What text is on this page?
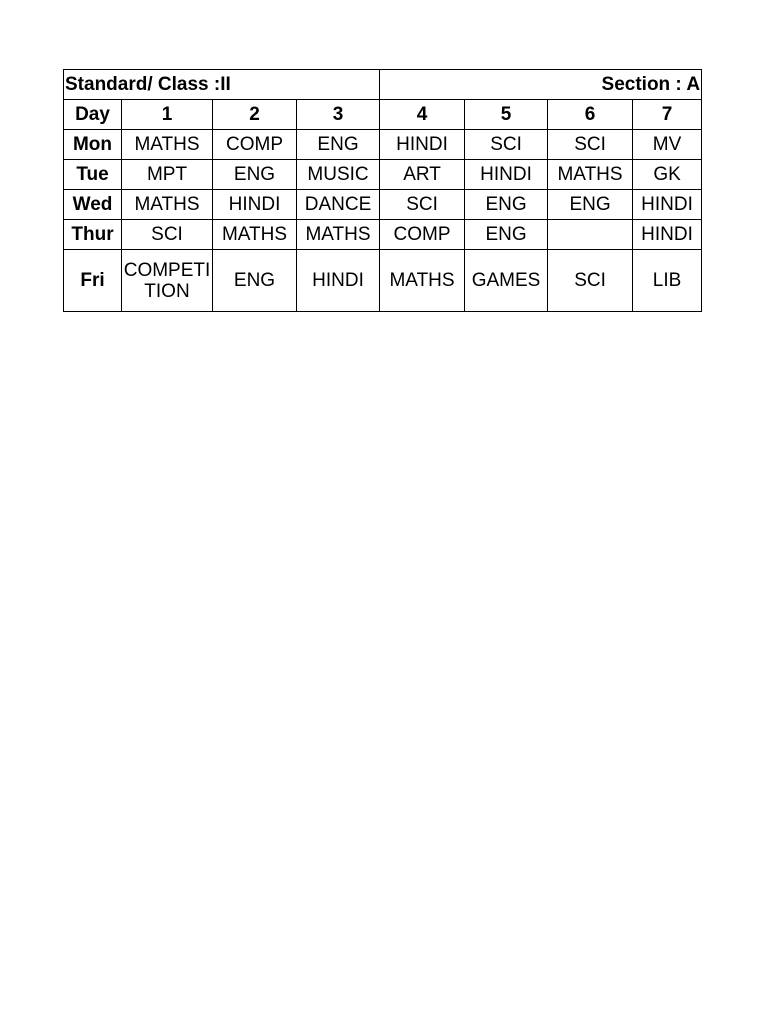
Standard/ Class :II				Section : A			
Day	1	2	3	4	5	6	7
Mon	MATHS	COMP	ENG	HINDI	SCI	SCI	MV
Tue	MPT	ENG	MUSIC	ART	HINDI	MATHS	GK
Wed	MATHS	HINDI	DANCE	SCI	ENG	ENG	HINDI
Thur	SCI	MATHS	MATHS	COMP	ENG		HINDI
Fri	COMPETITION	ENG	HINDI	MATHS	GAMES	SCI	LIB
